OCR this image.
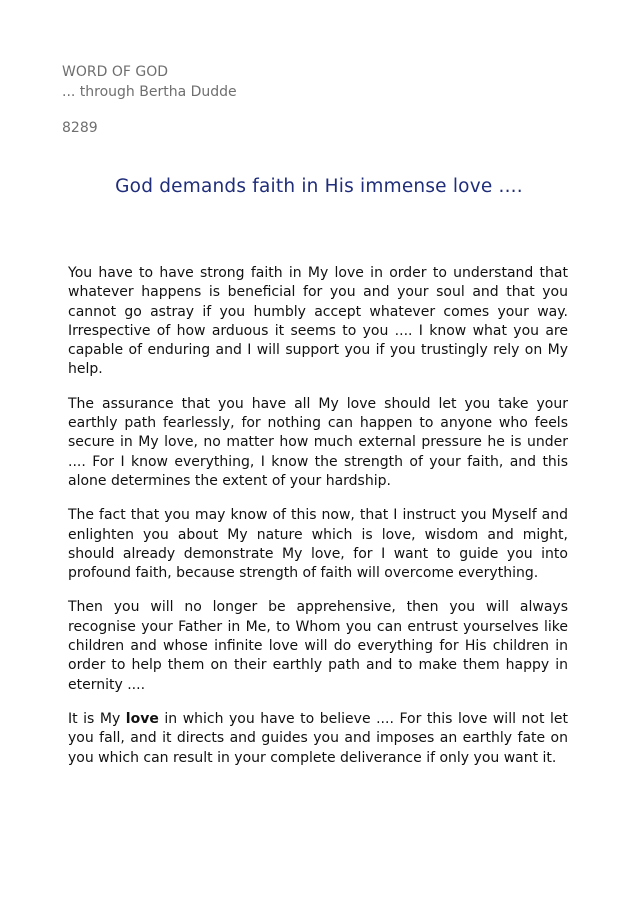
WORD OF GOD
... through Bertha Dudde
8289
God demands faith in His immense love ....

You have to have strong faith in My love in order to understand that whatever happens is beneficial for you and your soul and that you cannot go astray if you humbly accept whatever comes your way. Irrespective of how arduous it seems to you .... I know what you are capable of enduring and I will support you if you trustingly rely on My help.

The assurance that you have all My love should let you take your earthly path fearlessly, for nothing can happen to anyone who feels secure in My love, no matter how much external pressure he is under .... For I know everything, I know the strength of your faith, and this alone determines the extent of your hardship.

The fact that you may know of this now, that I instruct you Myself and enlighten you about My nature which is love, wisdom and might, should already demonstrate My love, for I want to guide you into profound faith, because strength of faith will overcome everything.

Then you will no longer be apprehensive, then you will always recognise your Father in Me, to Whom you can entrust yourselves like children and whose infinite love will do everything for His children in order to help them on their earthly path and to make them happy in eternity ....

It is My love in which you have to believe .... For this love will not let you fall, and it directs and guides you and imposes an earthly fate on you which can result in your complete deliverance if only you want it.
